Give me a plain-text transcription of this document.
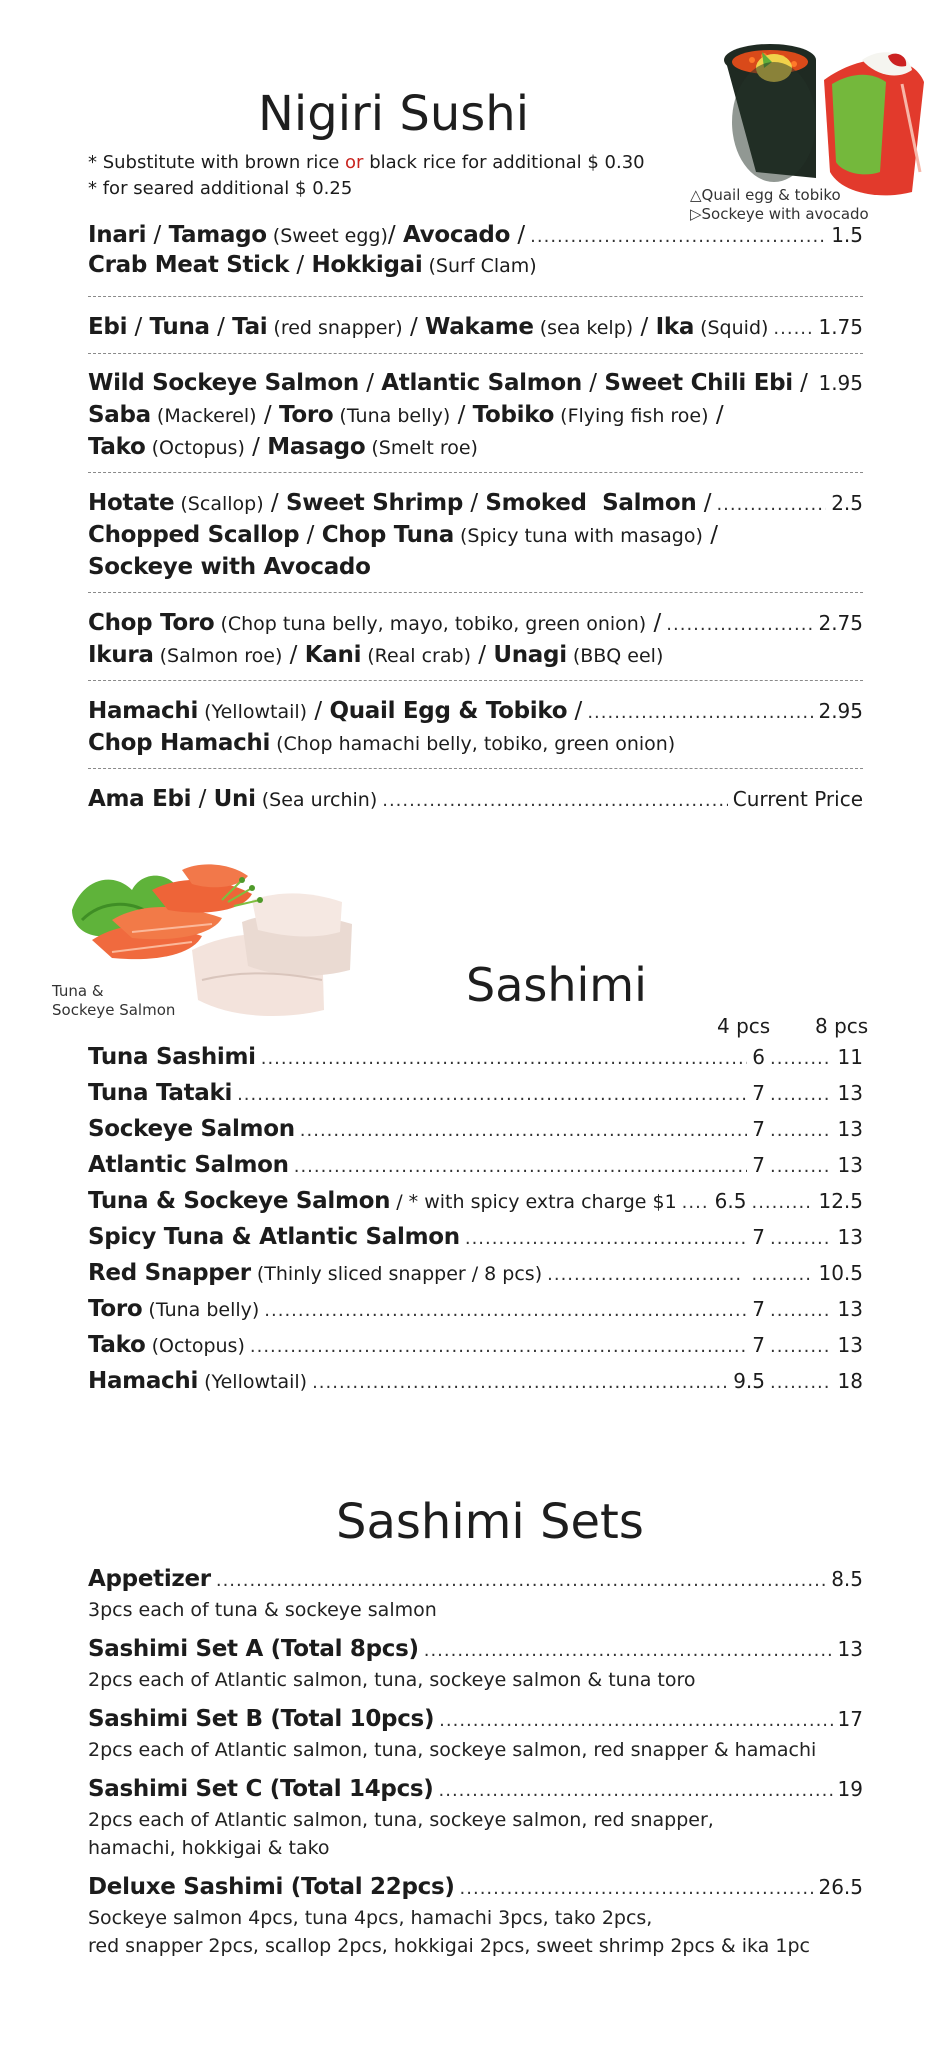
Nigiri Sushi
* Substitute with brown rice or black rice for additional $ 0.30
* for seared additional $ 0.25	△Quail egg & tobiko
▷Sockeye with avocado
Inari / Tamago (Sweet egg) / Avocado / .....	1.5
Crab Meat Stick / Hokkigai (Surf Clam)
Ebi / Tuna / Tai (red snapper) / Wakame (sea kelp) / Ika (Squid) .....	1.75
Wild Sockeye Salmon / Atlantic Salmon / Sweet Chili Ebi / ..... 1.95
Saba (Mackerel) / Toro (Tuna belly) / Tobiko (Flying fish roe) /
Tako (Octopus) / Masago (Smelt roe)
Hotate (Scallop) / Sweet Shrimp / Smoked  Salmon / .....	2.5
Chopped Scallop / Chop Tuna (Spicy tuna with masago) /
Sockeye with Avocado
Chop Toro (Chop tuna belly, mayo, tobiko, green onion) / .....	2.75
Ikura (Salmon roe) / Kani (Real crab) / Unagi (BBQ eel)
Hamachi (Yellowtail) / Quail Egg & Tobiko / .....	2.95
Chop Hamachi (Chop hamachi belly, tobiko, green onion)
Ama Ebi / Uni (Sea urchin) .....	Current Price
Tuna &
Sockeye Salmon	Sashimi
4 pcs 8 pcs
Tuna Sashimi .....	6 .....	11
Tuna Tataki .....	7 .....	13
Sockeye Salmon .....	7 .....	13
Atlantic Salmon .....	7 .....	13
Tuna & Sockeye Salmon / * with spicy extra charge $1 ..... 6.5 .....	12.5
Spicy Tuna & Atlantic Salmon .....	7 .....	13
Red Snapper (Thinly sliced snapper / 8 pcs) ..... .....	10.5
Toro (Tuna belly) .....	7 .....	13
Tako (Octopus) .....	7 .....	13
Hamachi (Yellowtail) .....	9.5 .....	18
Sashimi Sets
Appetizer .....	8.5
3pcs each of tuna & sockeye salmon
Sashimi Set A (Total 8pcs) .....	13
2pcs each of Atlantic salmon, tuna, sockeye salmon & tuna toro
Sashimi Set B (Total 10pcs) .....	17
2pcs each of Atlantic salmon, tuna, sockeye salmon, red snapper & hamachi
Sashimi Set C (Total 14pcs) .....	19
2pcs each of Atlantic salmon, tuna, sockeye salmon, red snapper,
hamachi, hokkigai & tako
Deluxe Sashimi (Total 22pcs) .....	26.5
Sockeye salmon 4pcs, tuna 4pcs, hamachi 3pcs, tako 2pcs,
red snapper 2pcs, scallop 2pcs, hokkigai 2pcs, sweet shrimp 2pcs & ika 1pc
